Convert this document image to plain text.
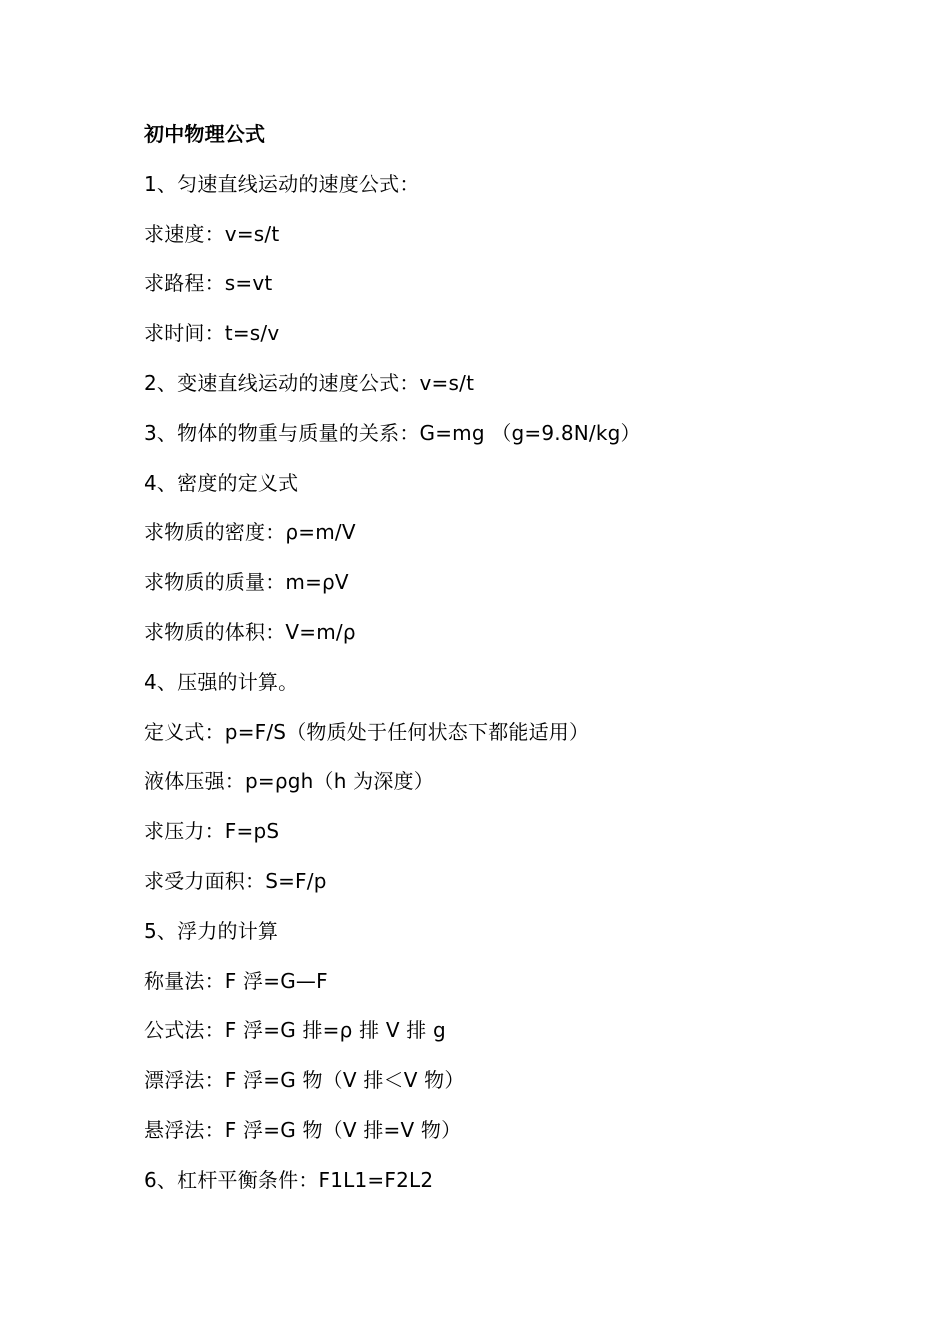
初中物理公式
1、匀速直线运动的速度公式：
求速度：v=s/t
求路程：s=vt
求时间：t=s/v
2、变速直线运动的速度公式：v=s/t
3、物体的物重与质量的关系：G=mg （g=9.8N/kg）
4、密度的定义式
求物质的密度：ρ=m/V
求物质的质量：m=ρV
求物质的体积：V=m/ρ
4、压强的计算。
定义式：p=F/S（物质处于任何状态下都能适用）
液体压强：p=ρgh（h 为深度）
求压力：F=pS
求受力面积：S=F/p
5、浮力的计算
称量法：F 浮=G—F
公式法：F 浮=G 排=ρ 排 V 排 g
漂浮法：F 浮=G 物（V 排＜V 物）
悬浮法：F 浮=G 物（V 排=V 物）
6、杠杆平衡条件：F1L1=F2L2
